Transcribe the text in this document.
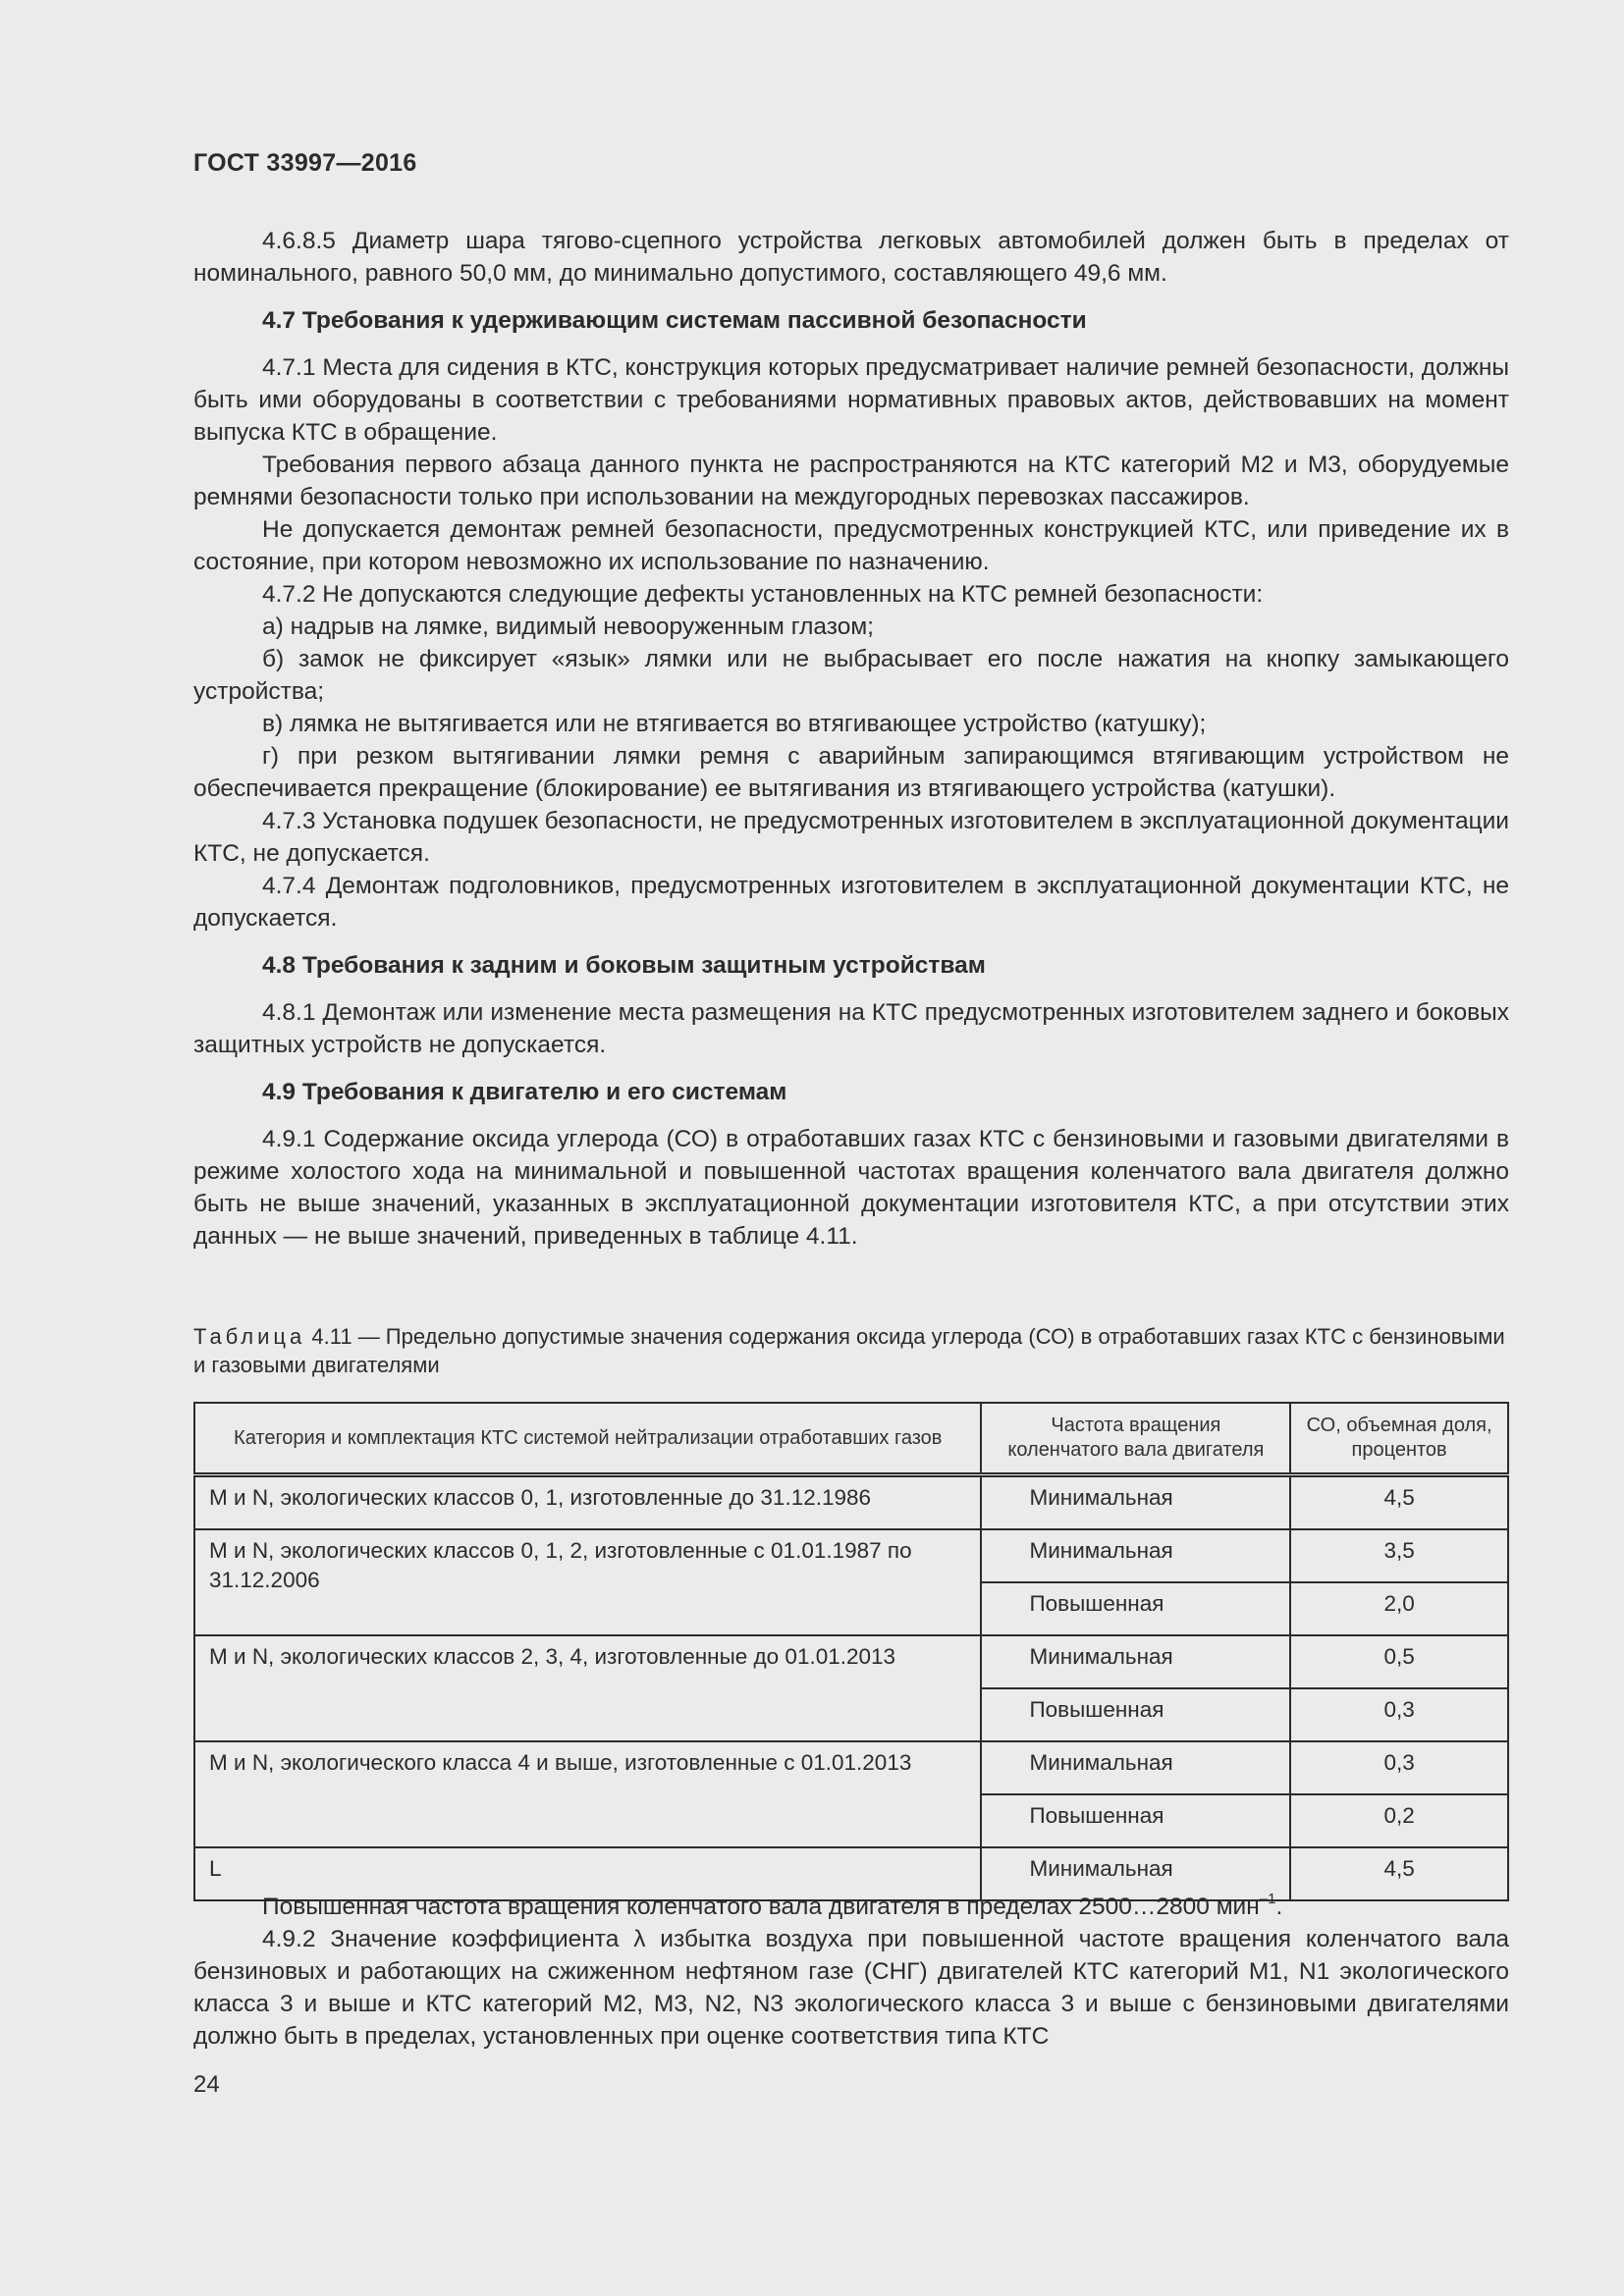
ГОСТ 33997—2016

4.6.8.5 Диаметр шара тягово-сцепного устройства легковых автомобилей должен быть в пределах от номинального, равного 50,0 мм, до минимально допустимого, составляющего 49,6 мм.

4.7 Требования к удерживающим системам пассивной безопасности

4.7.1 Места для сидения в КТС, конструкция которых предусматривает наличие ремней безопасности, должны быть ими оборудованы в соответствии с требованиями нормативных правовых актов, действовавших на момент выпуска КТС в обращение.

Требования первого абзаца данного пункта не распространяются на КТС категорий М2 и М3, оборудуемые ремнями безопасности только при использовании на междугородных перевозках пассажиров.

Не допускается демонтаж ремней безопасности, предусмотренных конструкцией КТС, или приведение их в состояние, при котором невозможно их использование по назначению.

4.7.2 Не допускаются следующие дефекты установленных на КТС ремней безопасности:

а) надрыв на лямке, видимый невооруженным глазом;

б) замок не фиксирует «язык» лямки или не выбрасывает его после нажатия на кнопку замыкающего устройства;

в) лямка не вытягивается или не втягивается во втягивающее устройство (катушку);

г) при резком вытягивании лямки ремня с аварийным запирающимся втягивающим устройством не обеспечивается прекращение (блокирование) ее вытягивания из втягивающего устройства (катушки).

4.7.3 Установка подушек безопасности, не предусмотренных изготовителем в эксплуатационной документации КТС, не допускается.

4.7.4 Демонтаж подголовников, предусмотренных изготовителем в эксплуатационной документации КТС, не допускается.

4.8 Требования к задним и боковым защитным устройствам

4.8.1 Демонтаж или изменение места размещения на КТС предусмотренных изготовителем заднего и боковых защитных устройств не допускается.

4.9 Требования к двигателю и его системам

4.9.1 Содержание оксида углерода (СО) в отработавших газах КТС с бензиновыми и газовыми двигателями в режиме холостого хода на минимальной и повышенной частотах вращения коленчатого вала двигателя должно быть не выше значений, указанных в эксплуатационной документации изготовителя КТС, а при отсутствии этих данных — не выше значений, приведенных в таблице 4.11.

Таблица 4.11 — Предельно допустимые значения содержания оксида углерода (СО) в отработавших газах КТС с бензиновыми и газовыми двигателями
Категория и комплектация КТС системой нейтрализации отработавших газов	Частота вращения коленчатого вала двигателя	СО, объемная доля, процентов
М и N, экологических классов 0, 1, изготовленные до 31.12.1986	Минимальная	4,5
М и N, экологических классов 0, 1, 2, изготовленные с 01.01.1987 по 31.12.2006	Минимальная	3,5
	Повышенная	2,0
М и N, экологических классов 2, 3, 4, изготовленные до 01.01.2013	Минимальная	0,5
	Повышенная	0,3
М и N, экологического класса 4 и выше, изготовленные с 01.01.2013	Минимальная	0,3
	Повышенная	0,2
L	Минимальная	4,5

Повышенная частота вращения коленчатого вала двигателя в пределах 2500…2800 мин$^{-1}$.

4.9.2 Значение коэффициента λ избытка воздуха при повышенной частоте вращения коленчатого вала бензиновых и работающих на сжиженном нефтяном газе (СНГ) двигателей КТС категорий М1, N1 экологического класса 3 и выше и КТС категорий М2, М3, N2, N3 экологического класса 3 и выше с бензиновыми двигателями должно быть в пределах, установленных при оценке соответствия типа КТС

24
